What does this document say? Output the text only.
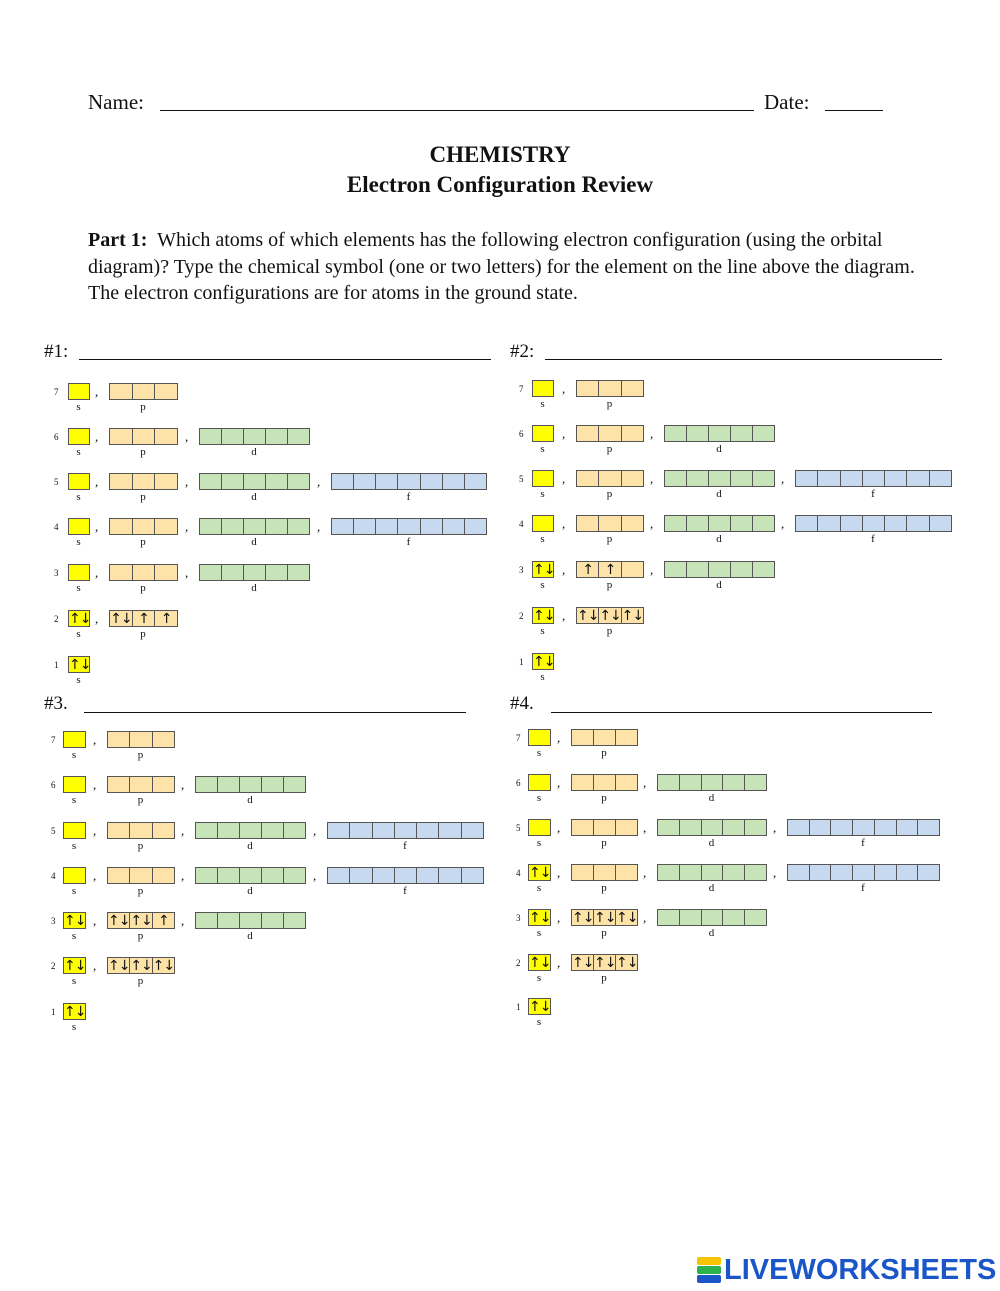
Name:	Date:
CHEMISTRY
Electron Configuration Review
Part 1: Which atoms of which elements has the following electron configuration (using the orbital diagram)? Type the chemical symbol (one or two letters) for the element on the line above the diagram. The electron configurations are for atoms in the ground state.
#1:	#2:
#3.	#4.
7
s
,
p
6
s
,
p
,
d
5
s
,
p
,
d
,
f
4
s
,
p
,
d
,
f
3
s
,
p
,
d
2 ↑↓
s
, ↑↓ ↑ ↑
p
1 ↑↓
s
7
s
,
p
6
s
,
p
,
d
5
s
,
p
,
d
,
f
4
s
,
p
,
d
,
f
3 ↑↓
s
,	↑ ↑
p
,
d
2 ↑↓
s
, ↑↓ ↑↓ ↑↓
p
1 ↑↓
s
7
s
,
p
6
s
,
p
,
d
5
s
,
p
,
d
,
f
4
s
,
p
,
d
,
f
3 ↑↓
s
, ↑↓ ↑↓ ↑
p
,
d
2 ↑↓
s
, ↑↓ ↑↓ ↑↓
p
1 ↑↓
s
7
s
,
p
6
s
,
p
,
d
5
s
,
p
,
d
,
f
4 ↑↓
s
,
p
,
d
,
f
3 ↑↓
s
, ↑↓ ↑↓ ↑↓
p
,
d
2 ↑↓
s
, ↑↓ ↑↓ ↑↓
p
1 ↑↓
s
LIVEWORKSHEETS
